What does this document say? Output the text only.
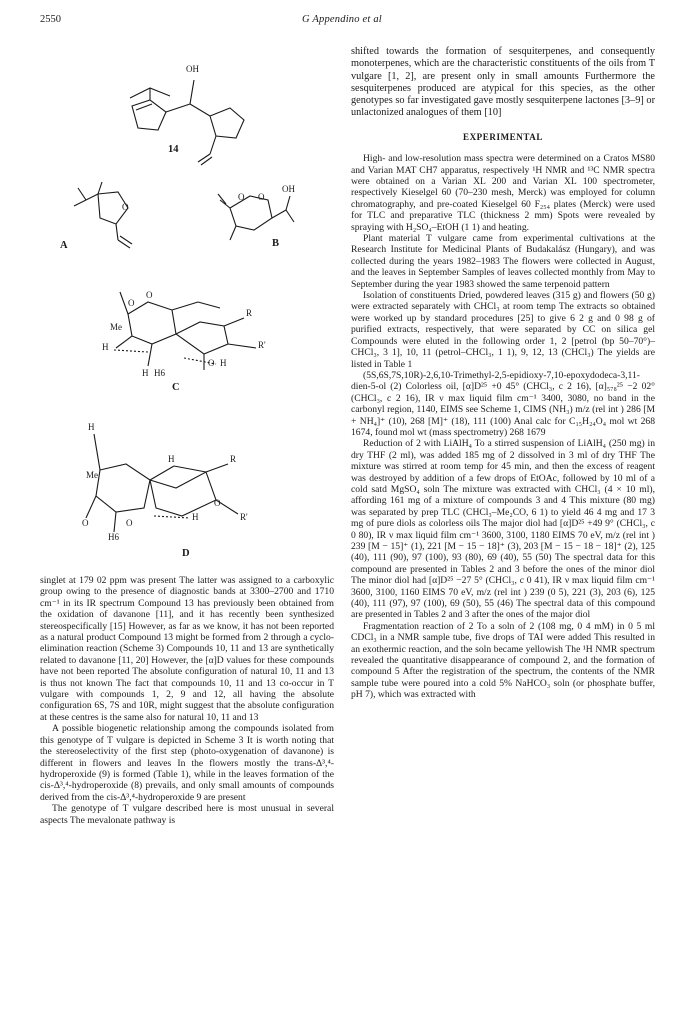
2550	G Appendino et al
OH
14
O
A
O O
OH
B
O
O
Me
R
R'
H
O H
H H6
C
H
H	R
Me
O	O
H
O
R'
H6
D

singlet at 179 02 ppm was present The latter was assigned to a carboxylic group owing to the presence of diagnostic bands at 3300–2700 and 1710 cm⁻¹ in its IR spectrum Compound 13 has previously been obtained from the oxidation of davanone [11], and it has recently been synthesized stereospecifically [15] However, as far as we know, it has not been reported as a natural product Compound 13 might be formed from 2 through a cyclo-elimination reaction (Scheme 3) Compounds 10, 11 and 13 are synthetically related to davanone [11, 20] However, the [α]D values for these compounds have not been reported The absolute configuration of natural 10, 11 and 13 is thus not known The fact that compounds 10, 11 and 13 co-occur in T vulgare with compounds 1, 2, 9 and 12, all having the absolute configuration 6S, 7S and 10R, might suggest that the absolute configuration at these centres is the same also for natural 10, 11 and 13

A possible biogenetic relationship among the compounds isolated from this genotype of T vulgare is depicted in Scheme 3 It is worth noting that the stereoselectivity of the first step (photo-oxygenation of davanone) is different in flowers and leaves In the flowers mostly the trans-Δ³,⁴-hydroperoxide (9) is formed (Table 1), while in the leaves formation of the cis-Δ³,⁴-hydroperoxide (8) prevails, and only small amounts of compounds derived from the cis-Δ³,⁴-hydroperoxide 9 are present

The genotype of T vulgare described here is most unusual in several aspects The mevalonate pathway is

shifted towards the formation of sesquiterpenes, and consequently monoterpenes, which are the characteristic constituents of the oils from T vulgare [1, 2], are present only in small amounts Furthermore the sesquiterpenes produced are atypical for this species, as the other genotypes so far investigated gave mostly sesquiterpene lactones [3–9] or unlactonized analogues of them [10]

EXPERIMENTAL

High- and low-resolution mass spectra were determined on a Cratos MS80 and Varian MAT CH7 apparatus, respectively ¹H NMR and ¹³C NMR spectra were obtained on a Varian XL 200 and Varian XL 100 spectrometer, respectively Kieselgel 60 (70–230 mesh, Merck) was employed for column chromatography, and pre-coated Kieselgel 60 F₂₅₄ plates (Merck) were used for TLC and preparative TLC (thickness 2 mm) Spots were revealed by spraying with H₂SO₄–EtOH (1 1) and heating.

Plant material T vulgare came from experimental cultivations at the Research Institute for Medicinal Plants of Budakalász (Hungary), and was collected during the years 1982–1983 The flowers were collected in August, and the leaves in September Samples of leaves collected monthly from May to September during the year 1983 showed the same terpenoid pattern

Isolation of constituents Dried, powdered leaves (315 g) and flowers (50 g) were extracted separately with CHCl₃ at room temp The extracts so obtained were worked up by standard procedures [25] to give 6 2 g and 0 98 g of purified extracts, respectively, that were separated by CC on silica gel Compounds were eluted in the following order 1, 2 [petrol (bp 50–70°)–CHCl₃, 3 1], 10, 11 (petrol–CHCl₃, 1 1), 9, 12, 13 (CHCl₃) The yields are listed in Table 1

(5S,6S,7S,10R)-2,6,10-Trimethyl-2,5-epidioxy-7,10-epoxydodeca-3,11-dien-5-ol (2) Colorless oil, [α]D²⁵ +0 45° (CHCl₃, c 2 16), [α]₅₇₈²⁵ −2 02° (CHCl₃, c 2 16), IR ν max liquid film cm⁻¹ 3400, 3080, no band in the carbonyl region, 1140, EIMS see Scheme 1, CIMS (NH₃) m/z (rel int ) 286 [M + NH₄]⁺ (10), 268 [M]⁺ (18), 111 (100) Anal calc for C₁₅H₂₄O₄ mol wt 268 1674, found mol wt (mass spectrometry) 268 1679

Reduction of 2 with LiAlH₄ To a stirred suspension of LiAlH₄ (250 mg) in dry THF (2 ml), was added 185 mg of 2 dissolved in 3 ml of dry THF The mixture was stirred at room temp for 45 min, and then the excess of reagent was destroyed by addition of a few drops of EtOAc, followed by 10 ml of a cold satd MgSO₄ soln The mixture was extracted with CHCl₃ (4 × 10 ml), affording 161 mg of a mixture of compounds 3 and 4 This mixture (80 mg) was separated by prep TLC (CHCl₃–Me₂CO, 6 1) to yield 46 4 mg and 17 3 mg of pure diols as colorless oils The major diol had [α]D²⁵ +49 9° (CHCl₃, c 0 80), IR ν max liquid film cm⁻¹ 3600, 3100, 1180 EIMS 70 eV, m/z (rel int ) 239 [M − 15]⁺ (1), 221 [M − 15 − 18]⁺ (3), 203 [M − 15 − 18 − 18]⁺ (2), 125 (40), 111 (90), 97 (100), 93 (80), 69 (40), 55 (50) The spectral data for this compound are presented in Tables 2 and 3 before the ones of the minor diol The minor diol had [α]D²⁵ −27 5° (CHCl₃, c 0 41), IR ν max liquid film cm⁻¹ 3600, 3100, 1160 EIMS 70 eV, m/z (rel int ) 239 (0 5), 221 (3), 203 (6), 125 (40), 111 (97), 97 (100), 69 (50), 55 (46) The spectral data of this compound are presented in Tables 2 and 3 after the ones of the major diol

Fragmentation reaction of 2 To a soln of 2 (108 mg, 0 4 mM) in 0 5 ml CDCl₃ in a NMR sample tube, five drops of TAI were added This resulted in an exothermic reaction, and the soln became yellowish The ¹H NMR spectrum revealed the quantitative disappearance of compound 2, and the formation of compound 5 After the registration of the spectrum, the contents of the NMR sample tube were poured into a cold 5% NaHCO₃ soln (or phosphate buffer, pH 7), which was extracted with
